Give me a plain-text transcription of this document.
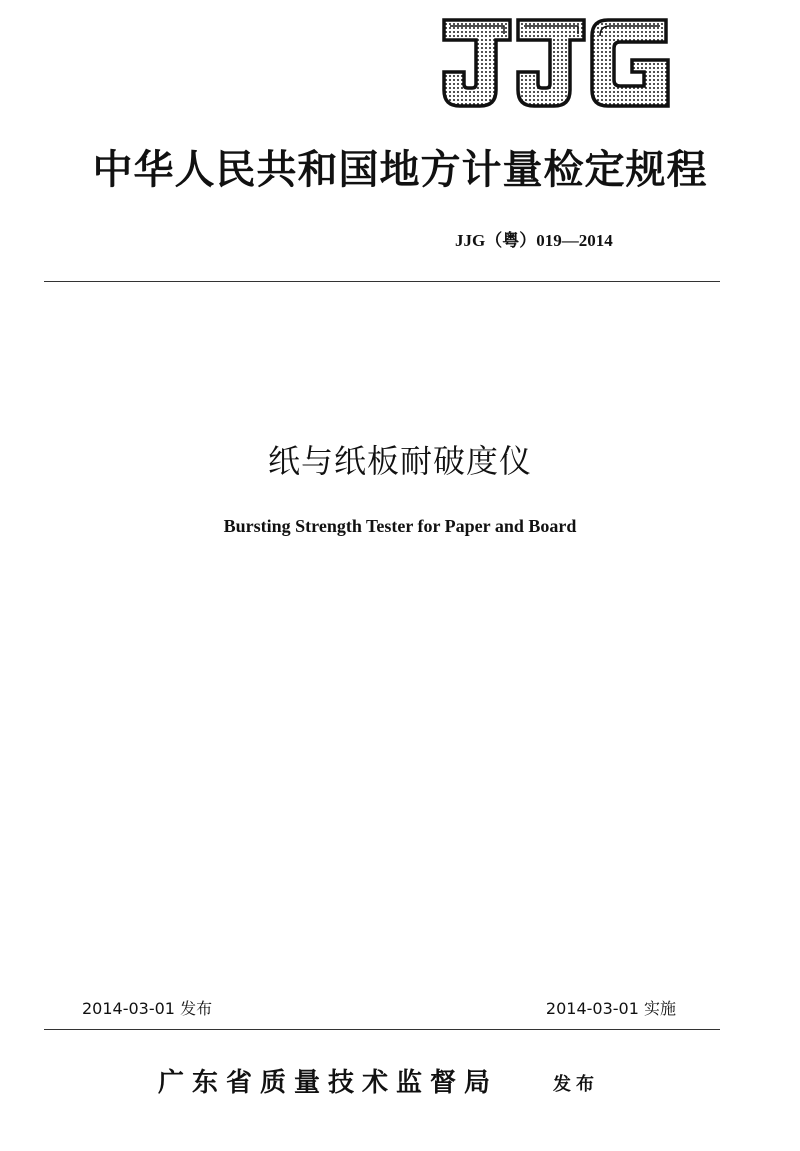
中华人民共和国地方计量检定规程
JJG（粤）019—2014
纸与纸板耐破度仪
Bursting Strength Tester for Paper and Board
2014-03-01 发布	2014-03-01 实施
广东省质量技术监督局	发布
